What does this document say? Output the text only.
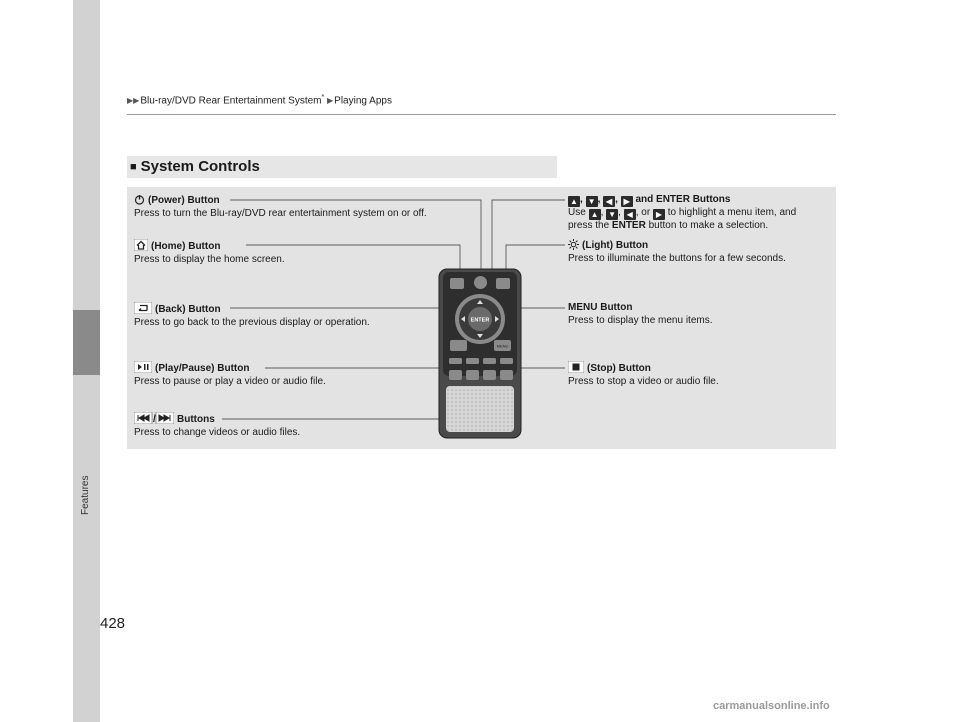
Features
▶▶Blu-ray/DVD Rear Entertainment System* ▶Playing Apps
■ System Controls
(Power) Button
Press to turn the Blu-ray/DVD rear entertainment system on or off.
(Home) Button
Press to display the home screen.
(Back) Button
Press to go back to the previous display or operation.
(Play/Pause) Button
Press to pause or play a video or audio file.
/ Buttons
Press to change videos or audio files.
▲ , ▼ , ◀ , ▶ and ENTER Buttons
Use ▲ , ▼ , ◀ , or ▶ to highlight a menu item, and
press the ENTER button to make a selection.
(Light) Button
Press to illuminate the buttons for a few seconds.
MENU Button
Press to display the menu items.
(Stop) Button
Press to stop a video or audio file.
ENTER
MENU
428
carmanualsonline.info
